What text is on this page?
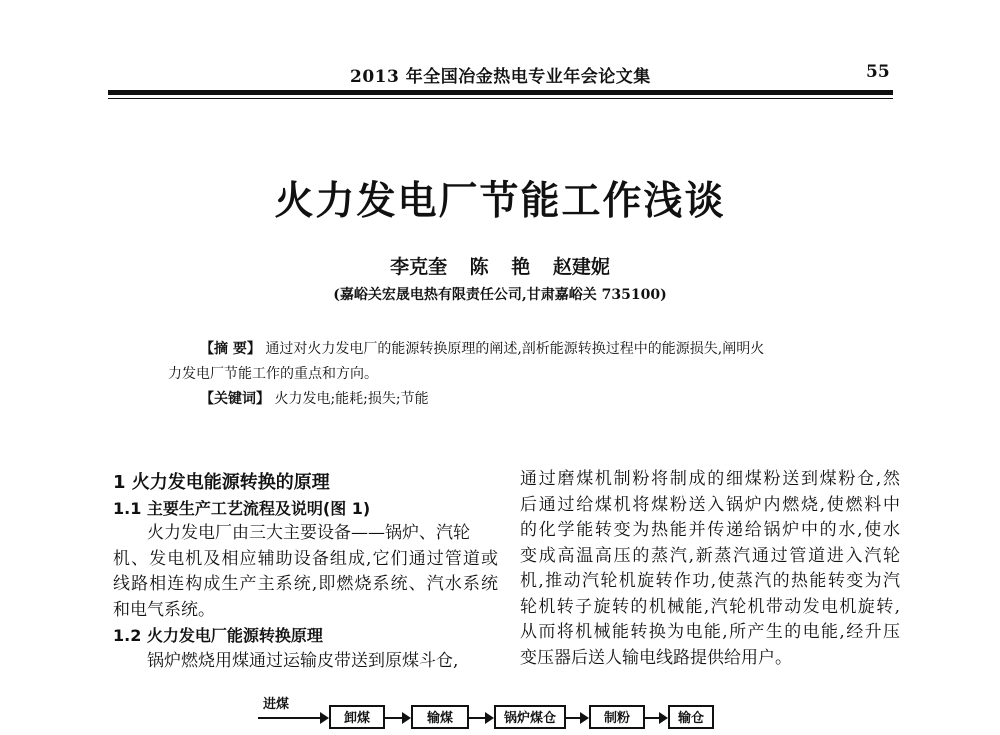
2013 年全国冶金热电专业年会论文集	55
火力发电厂节能工作浅谈
李克奎 陈 艳 赵建妮
(嘉峪关宏晟电热有限责任公司,甘肃嘉峪关 735100)
【摘 要】 通过对火力发电厂的能源转换原理的阐述,剖析能源转换过程中的能源损失,阐明火
力发电厂节能工作的重点和方向。
【关键词】 火力发电;能耗;损失;节能
1 火力发电能源转换的原理
1.1 主要生产工艺流程及说明(图 1)
火力发电厂由三大主要设备——锅炉、汽轮
机、发电机及相应辅助设备组成,它们通过管道或
线路相连构成生产主系统,即燃烧系统、汽水系统
和电气系统。
1.2 火力发电厂能源转换原理
锅炉燃烧用煤通过运输皮带送到原煤斗仓,
通过磨煤机制粉将制成的细煤粉送到煤粉仓,然
后通过给煤机将煤粉送入锅炉内燃烧,使燃料中
的化学能转变为热能并传递给锅炉中的水,使水
变成高温高压的蒸汽,新蒸汽通过管道进入汽轮
机,推动汽轮机旋转作功,使蒸汽的热能转变为汽
轮机转子旋转的机械能,汽轮机带动发电机旋转,
从而将机械能转换为电能,所产生的电能,经升压
变压器后送人输电线路提供给用户。
进煤
卸煤	输煤	锅炉煤仓	制粉	输仓
